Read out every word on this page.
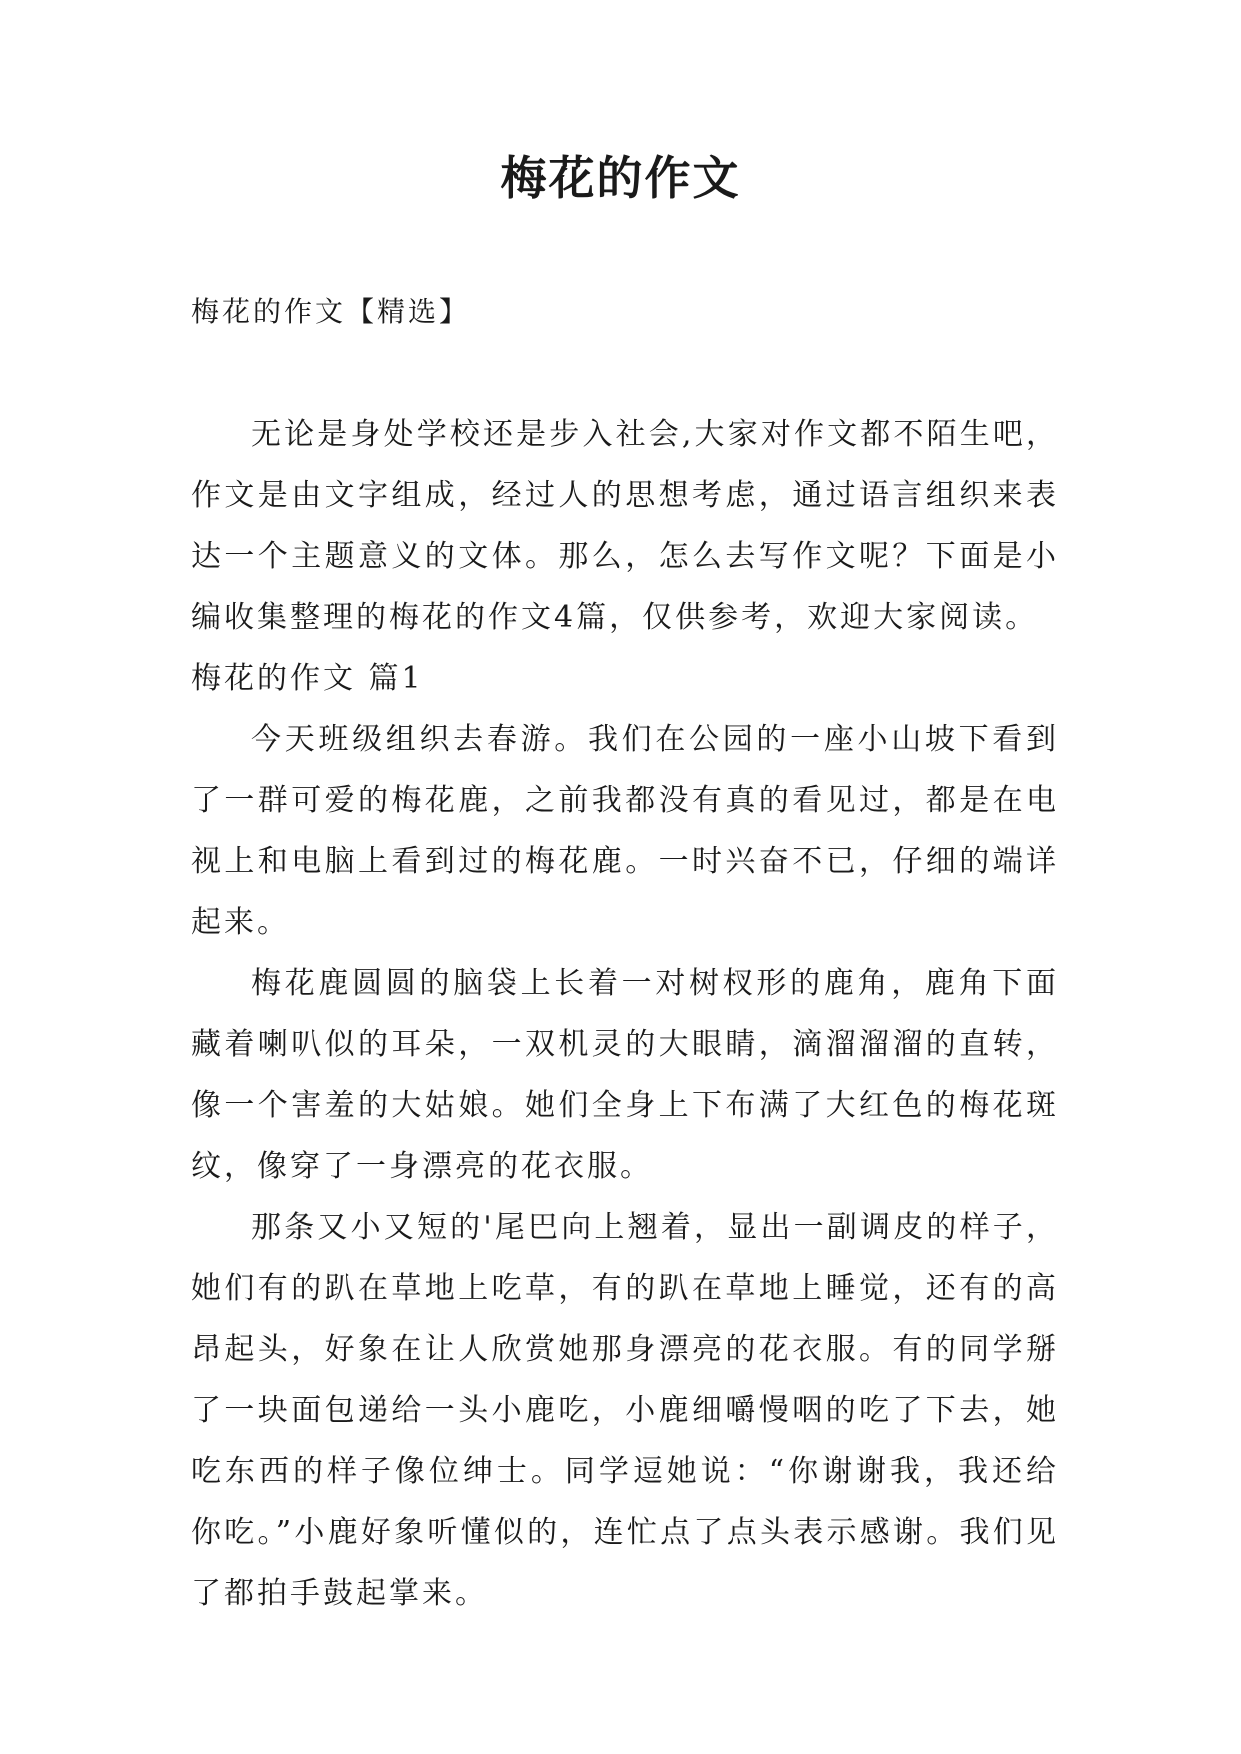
梅花的作文
梅花的作文【精选】

无论是身处学校还是步入社会,大家对作文都不陌生吧，作文是由文字组成，经过人的思想考虑，通过语言组织来表达一个主题意义的文体。那么，怎么去写作文呢？下面是小编收集整理的梅花的作文4篇，仅供参考，欢迎大家阅读。

梅花的作文 篇1

今天班级组织去春游。我们在公园的一座小山坡下看到了一群可爱的梅花鹿，之前我都没有真的看见过，都是在电视上和电脑上看到过的梅花鹿。一时兴奋不已，仔细的端详起来。

梅花鹿圆圆的脑袋上长着一对树杈形的鹿角，鹿角下面藏着喇叭似的耳朵，一双机灵的大眼睛，滴溜溜溜的直转，像一个害羞的大姑娘。她们全身上下布满了大红色的梅花斑纹，像穿了一身漂亮的花衣服。

那条又小又短的'尾巴向上翘着，显出一副调皮的样子，她们有的趴在草地上吃草，有的趴在草地上睡觉，还有的高昂起头，好象在让人欣赏她那身漂亮的花衣服。有的同学掰了一块面包递给一头小鹿吃，小鹿细嚼慢咽的吃了下去，她吃东西的样子像位绅士。同学逗她说：“你谢谢我，我还给你吃。”小鹿好象听懂似的，连忙点了点头表示感谢。我们见了都拍手鼓起掌来。
